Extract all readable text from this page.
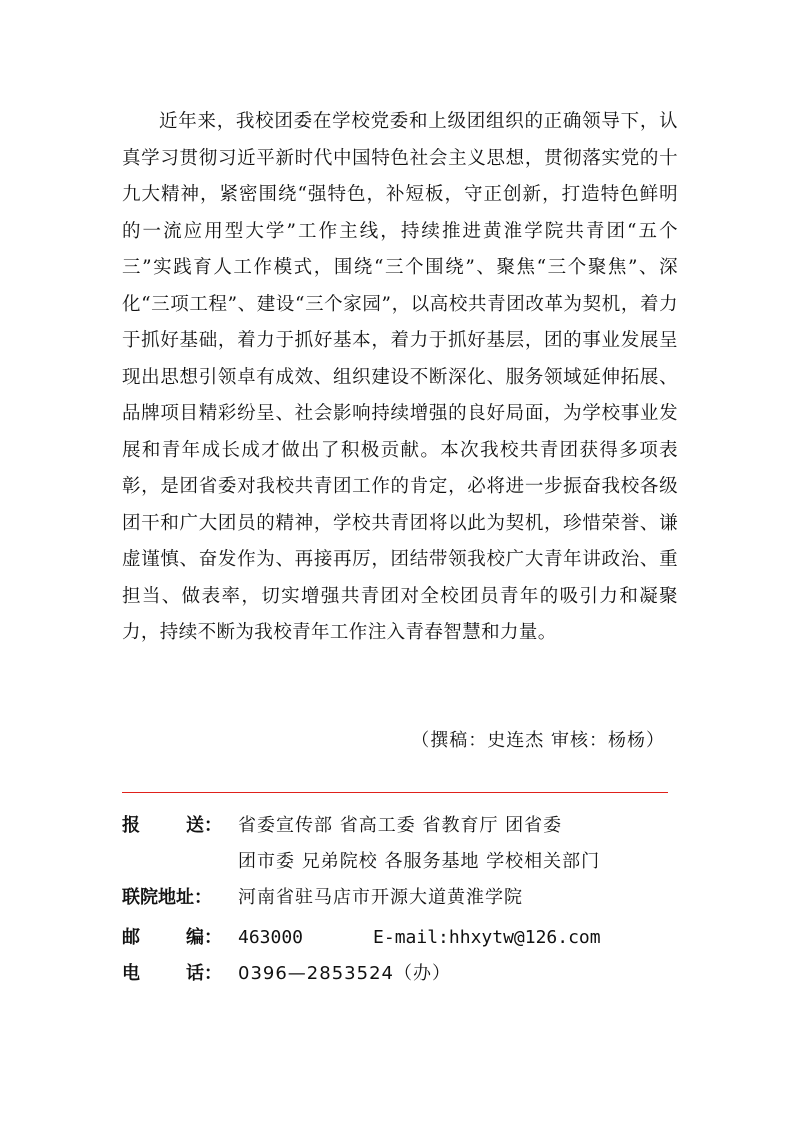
近年来，我校团委在学校党委和上级团组织的正确领导下，认真学习贯彻习近平新时代中国特色社会主义思想，贯彻落实党的十九大精神，紧密围绕“强特色，补短板，守正创新，打造特色鲜明的一流应用型大学”工作主线，持续推进黄淮学院共青团“五个三”实践育人工作模式，围绕“三个围绕”、聚焦“三个聚焦”、深化“三项工程”、建设“三个家园”，以高校共青团改革为契机，着力于抓好基础，着力于抓好基本，着力于抓好基层，团的事业发展呈现出思想引领卓有成效、组织建设不断深化、服务领域延伸拓展、品牌项目精彩纷呈、社会影响持续增强的良好局面，为学校事业发展和青年成长成才做出了积极贡献。本次我校共青团获得多项表彰，是团省委对我校共青团工作的肯定，必将进一步振奋我校各级团干和广大团员的精神，学校共青团将以此为契机，珍惜荣誉、谦虚谨慎、奋发作为、再接再厉，团结带领我校广大青年讲政治、重担当、做表率，切实增强共青团对全校团员青年的吸引力和凝聚力，持续不断为我校青年工作注入青春智慧和力量。

（撰稿：史连杰 审核：杨杨）

报	送： 省委宣传部 省高工委 省教育厅 团省委
团市委 兄弟院校 各服务基地 学校相关部门
联院地址：	河南省驻马店市开源大道黄淮学院
邮	编： 463000	E-mail:hhxytw@126.com
电	话： 0396—2853524（办）
